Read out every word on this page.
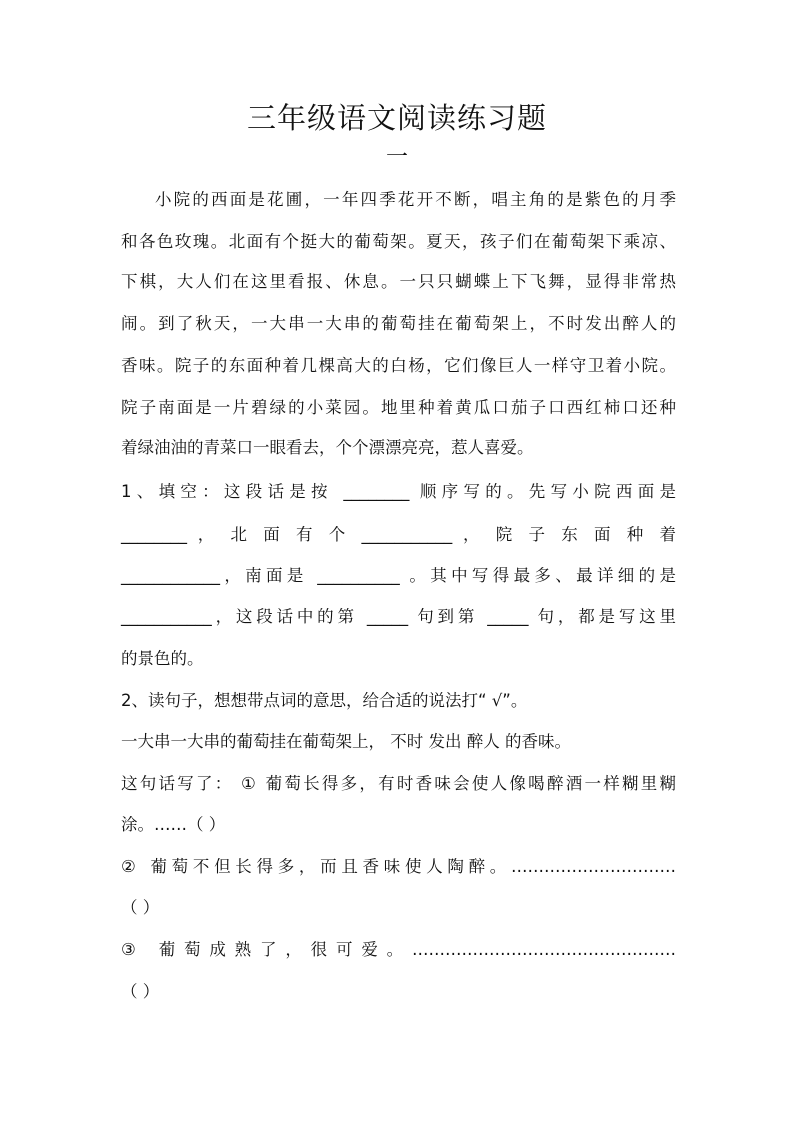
三年级语文阅读练习题
一
小院的西面是花圃，一年四季花开不断，唱主角的是紫色的月季
和各色玫瑰。北面有个挺大的葡萄架。夏天，孩子们在葡萄架下乘凉、
下棋，大人们在这里看报、休息。一只只蝴蝶上下飞舞，显得非常热
闹。到了秋天，一大串一大串的葡萄挂在葡萄架上，不时发出醉人的
香味。院子的东面种着几棵高大的白杨，它们像巨人一样守卫着小院。
院子南面是一片碧绿的小菜园。地里种着黄瓜口茄子口西红柿口还种
着绿油油的青菜口一眼看去，个个漂漂亮亮，惹人喜爱。
1、填空：这段话是按 ________ 顺序写的。先写小院西面是
________ ， 北 面 有 个 ___________ ， 院 子 东 面 种 着
____________，南面是 __________ 。其中写得最多、最详细的是
___________，这段话中的第 _____ 句到第 _____ 句，都是写这里
的景色的。
2、读句子，想想带点词的意思，给合适的说法打“ √”。
一大串一大串的葡萄挂在葡萄架上， 不时 发出 醉人 的香味。
这句话写了： ① 葡萄长得多，有时香味会使人像喝醉酒一样糊里糊
涂。……（ ）
② 葡萄不但长得多，而且香味使人陶醉。…………………………
（ ）
③ 葡萄成熟了，很可爱。…………………………………………
（ ）
